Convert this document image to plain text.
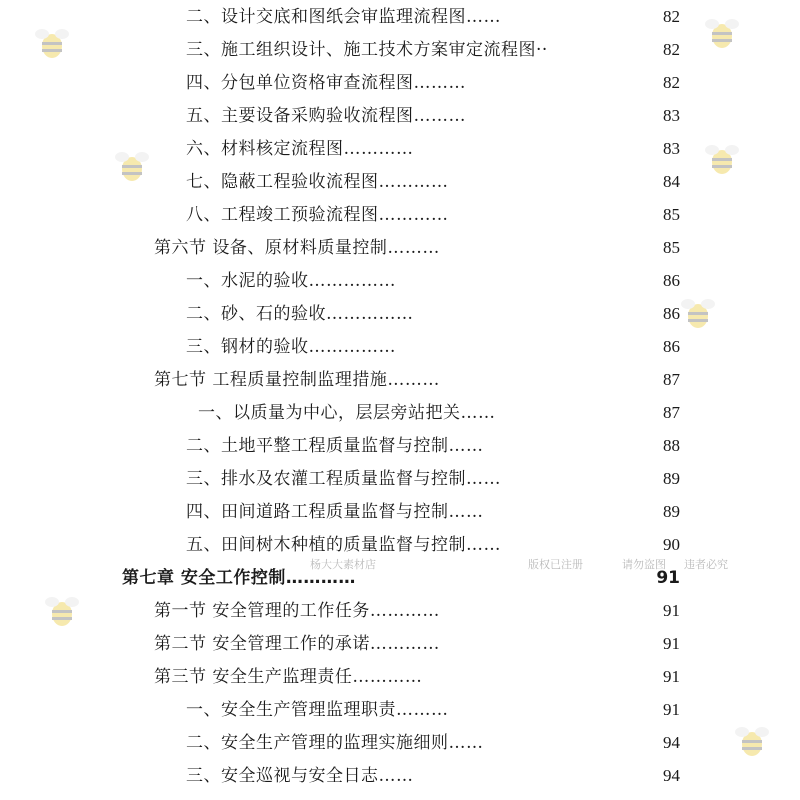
二、设计交底和图纸会审监理流程图……	82
三、施工组织设计、施工技术方案审定流程图··	82
四、分包单位资格审查流程图………	82
五、主要设备采购验收流程图………	83
六、材料核定流程图…………	83
七、隐蔽工程验收流程图…………	84
八、工程竣工预验流程图…………	85
第六节 设备、原材料质量控制………	85
一、水泥的验收……………	86
二、砂、石的验收……………	86
三、钢材的验收……………	86
第七节 工程质量控制监理措施………	87
一、以质量为中心，层层旁站把关……	87
二、土地平整工程质量监督与控制……	88
三、排水及农灌工程质量监督与控制……	89
四、田间道路工程质量监督与控制……	89
五、田间树木种植的质量监督与控制……	90
第七章 安全工作控制…………	91
第一节 安全管理的工作任务…………	91
第二节 安全管理工作的承诺…………	91
第三节 安全生产监理责任…………	91
一、安全生产管理监理职责………	91
二、安全生产管理的监理实施细则……	94
三、安全巡视与安全日志……	94
杨大大素材店	版权已注册	请勿盗图 违者必究
